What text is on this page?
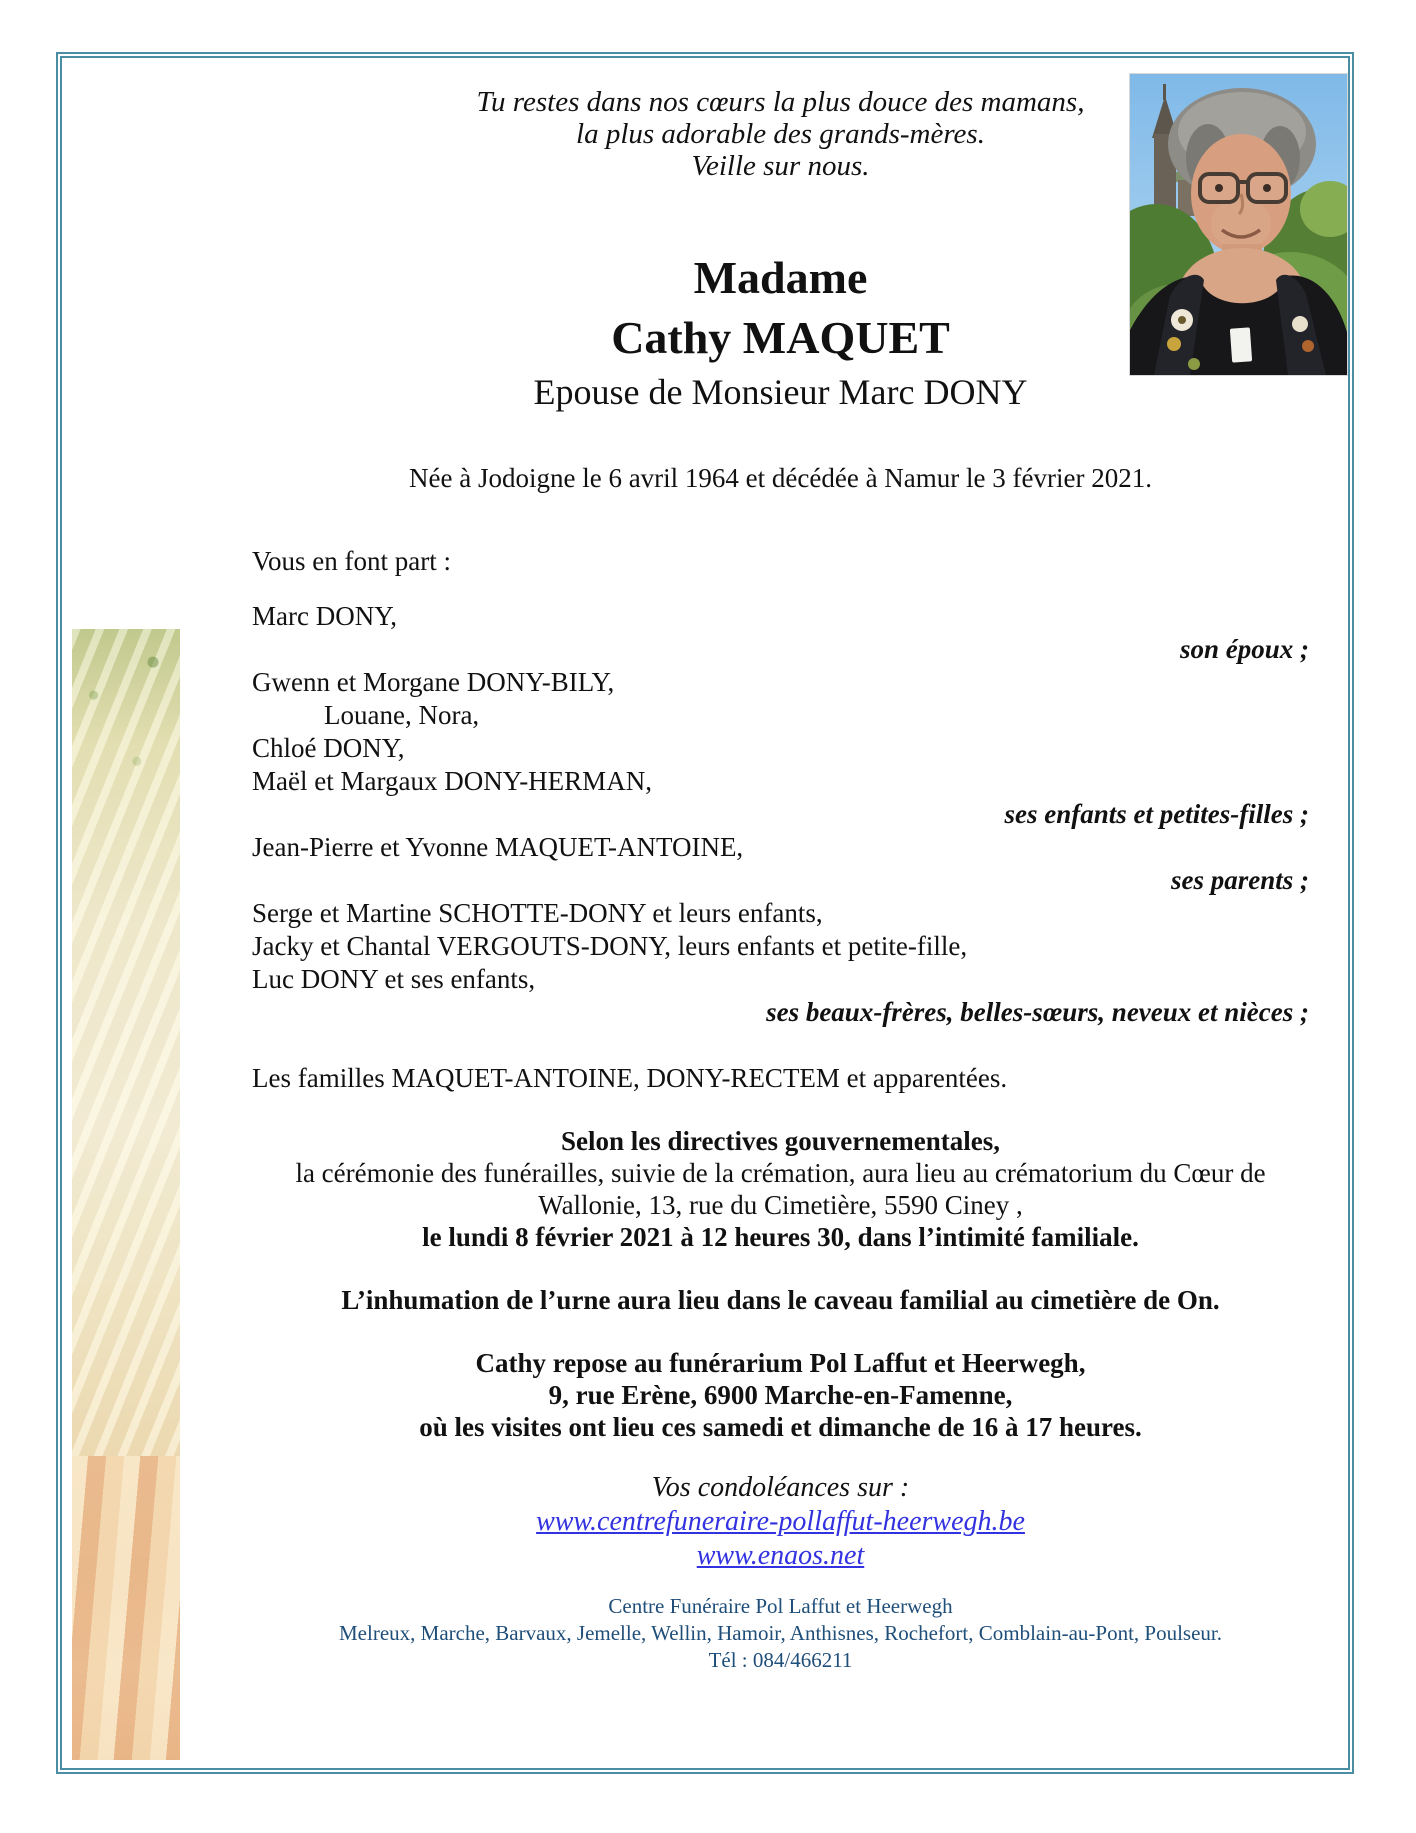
Tu restes dans nos cœurs la plus douce des mamans,
la plus adorable des grands-mères.
Veille sur nous.
Madame
Cathy MAQUET
Epouse de Monsieur Marc DONY
Née à Jodoigne le 6 avril 1964 et décédée à Namur le 3 février 2021.
Vous en font part :
Marc DONY,
son époux ;
Gwenn et Morgane DONY-BILY,
Louane, Nora,
Chloé DONY,
Maël et Margaux DONY-HERMAN,
ses enfants et petites-filles ;
Jean-Pierre et Yvonne MAQUET-ANTOINE,
ses parents ;
Serge et Martine SCHOTTE-DONY et leurs enfants,
Jacky et Chantal VERGOUTS-DONY, leurs enfants et petite-fille,
Luc DONY et ses enfants,
ses beaux-frères, belles-sœurs, neveux et nièces ;
Les familles MAQUET-ANTOINE, DONY-RECTEM et apparentées.
Selon les directives gouvernementales,
la cérémonie des funérailles, suivie de la crémation, aura lieu au crématorium du Cœur de
Wallonie, 13, rue du Cimetière, 5590 Ciney ,
le lundi 8 février 2021 à 12 heures 30, dans l’intimité familiale.
L’inhumation de l’urne aura lieu dans le caveau familial au cimetière de On.
Cathy repose au funérarium Pol Laffut et Heerwegh,
9, rue Erène, 6900 Marche-en-Famenne,
où les visites ont lieu ces samedi et dimanche de 16 à 17 heures.
Vos condoléances sur :
www.centrefuneraire-pollaffut-heerwegh.be
www.enaos.net
Centre Funéraire Pol Laffut et Heerwegh
Melreux, Marche, Barvaux, Jemelle, Wellin, Hamoir, Anthisnes, Rochefort, Comblain-au-Pont, Poulseur.
Tél : 084/466211
